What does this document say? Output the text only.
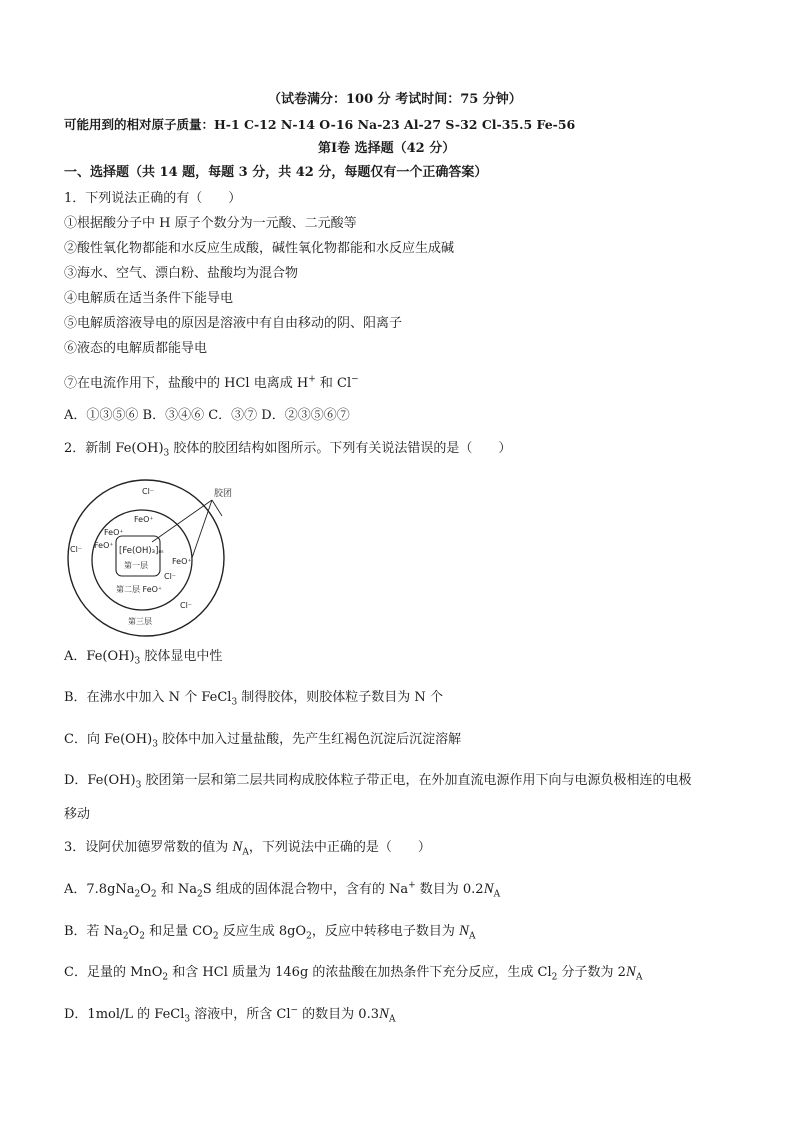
（试卷满分：100 分 考试时间：75 分钟）
可能用到的相对原子质量：H-1 C-12 N-14 O-16 Na-23 Al-27 S-32 Cl-35.5 Fe-56
第Ⅰ卷 选择题（42 分）
一、选择题（共 14 题，每题 3 分，共 42 分，每题仅有一个正确答案）
1．下列说法正确的有（　　）
①根据酸分子中 H 原子个数分为一元酸、二元酸等
②酸性氧化物都能和水反应生成酸，碱性氧化物都能和水反应生成碱
③海水、空气、漂白粉、盐酸均为混合物
④电解质在适当条件下能导电
⑤电解质溶液导电的原因是溶液中有自由移动的阴、阳离子
⑥液态的电解质都能导电
⑦在电流作用下，盐酸中的 HCl 电离成 H+ 和 Cl−
A．①③⑤⑥ B．③④⑥ C．③⑦ D．②③⑤⑥⑦
2．新制 $Fe(OH)_3$ 胶体的胶团结构如图所示。下列有关说法错误的是（　　）
胶团
Cl⁻
Cl⁻
Cl⁻
Cl⁻
FeO⁺
FeO⁺
FeO⁺
FeO⁺
[Fe(OH)₃]ₘ
第一层
第二层 FeO⁺
第三层
A．$Fe(OH)_3$ 胶体显电中性
B．在沸水中加入 N 个 FeCl$_3$ 制得胶体，则胶体粒子数目为 N 个
C．向 $Fe(OH)_3$ 胶体中加入过量盐酸，先产生红褐色沉淀后沉淀溶解
D．$Fe(OH)_3$ 胶团第一层和第二层共同构成胶体粒子带正电，在外加直流电源作用下向与电源负极相连的电极
移动
3．设阿伏加德罗常数的值为 $N_A$，下列说法中正确的是（　　）
A．$7.8gNa_2O_2$ 和 $Na_2S$ 组成的固体混合物中，含有的 Na+ 数目为 $0.2N_A$
B．若 $Na_2O_2$ 和足量 $CO_2$ 反应生成 $8gO_2$，反应中转移电子数目为 $N_A$
C．足量的 MnO$_2$ 和含 HCl 质量为 146g 的浓盐酸在加热条件下充分反应，生成 $Cl_2$ 分子数为 $2N_A$
D．1mol/L 的 FeCl$_3$ 溶液中，所含 Cl− 的数目为 $0.3N_A$
